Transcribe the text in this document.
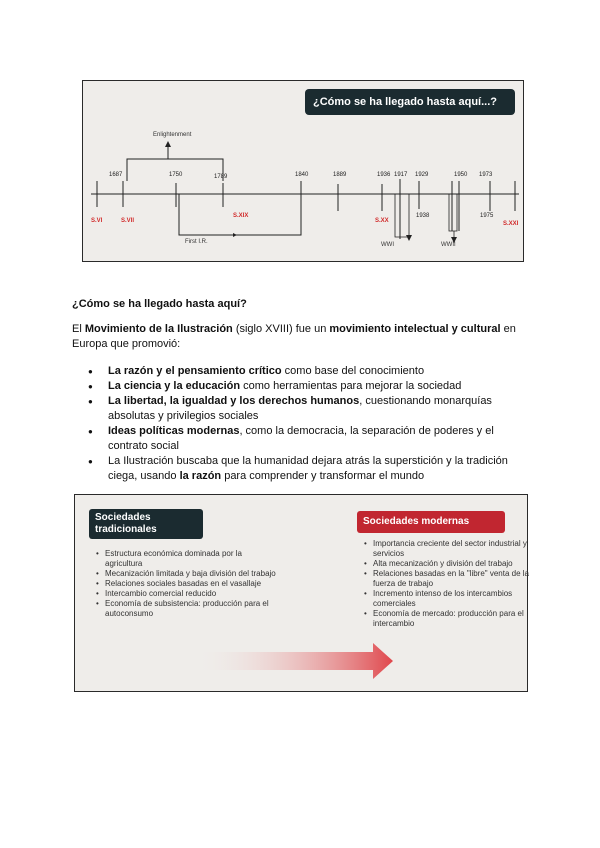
¿Cómo se ha llegado hasta aquí...?
Enlightenment
First I.R.
1687	1750	1789	1840	1889	1936 1917 1929
1938
1950 1973
1975
S.VI	S.VII
S.XIX
S.XX	S.XXI
WWI	WWII
¿Cómo se ha llegado hasta aquí?
El Movimiento de la Ilustración (siglo XVIII) fue un movimiento intelectual y cultural en Europa que promovió:
● La razón y el pensamiento crítico como base del conocimiento
● La ciencia y la educación como herramientas para mejorar la sociedad
● La libertad, la igualdad y los derechos humanos, cuestionando monarquías absolutas y privilegios sociales
● Ideas políticas modernas, como la democracia, la separación de poderes y el contrato social
● La Ilustración buscaba que la humanidad dejara atrás la superstición y la tradición ciega, usando la razón para comprender y transformar el mundo
Sociedades tradicionales
Sociedades modernas
• Estructura económica dominada por la agricultura
• Mecanización limitada y baja división del trabajo
• Relaciones sociales basadas en el vasallaje
• Intercambio comercial reducido
• Economía de subsistencia: producción para el autoconsumo
• Importancia creciente del sector industrial y servicios
• Alta mecanización y división del trabajo
• Relaciones basadas en la "libre" venta de la fuerza de trabajo
• Incremento intenso de los intercambios comerciales
• Economía de mercado: producción para el intercambio
